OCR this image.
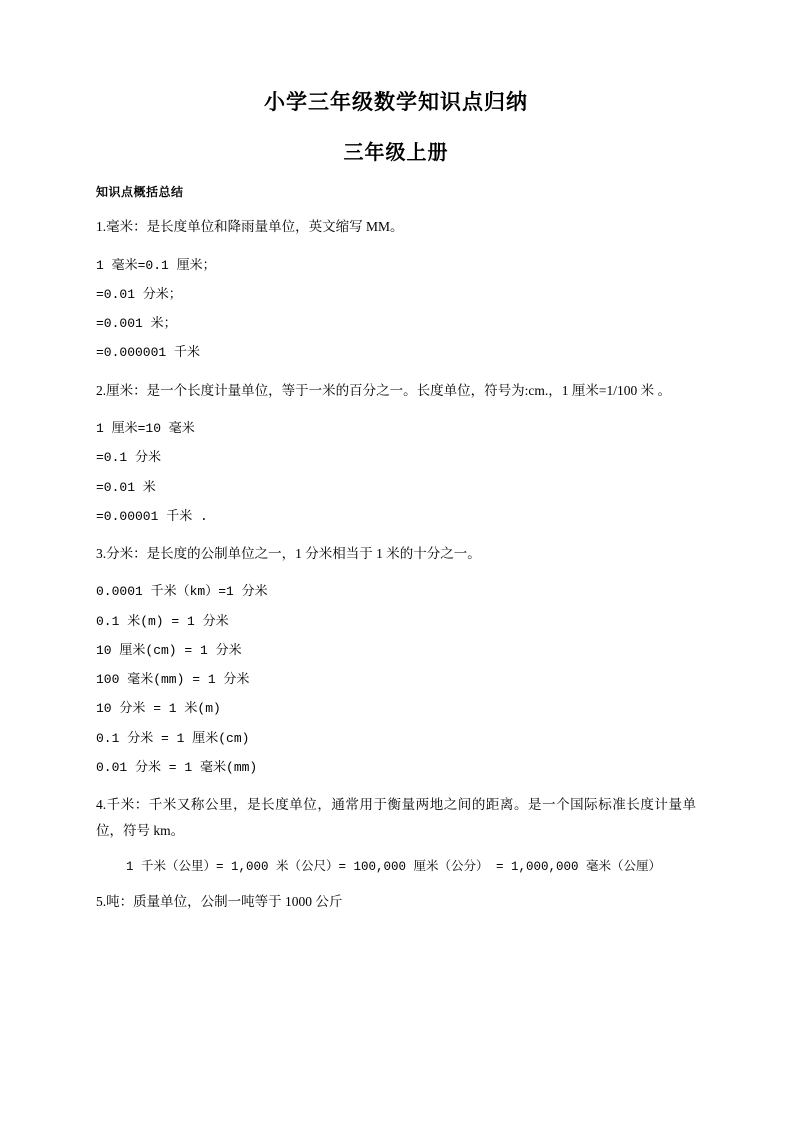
小学三年级数学知识点归纳
三年级上册
知识点概括总结

1.毫米：是长度单位和降雨量单位，英文缩写 MM。

1 毫米=0.1 厘米；
=0.01 分米；
=0.001 米；
=0.000001 千米

2.厘米：是一个长度计量单位，等于一米的百分之一。长度单位，符号为:cm.，1 厘米=1/100 米 。

1 厘米=10 毫米
=0.1 分米
=0.01 米
=0.00001 千米 .

3.分米：是长度的公制单位之一，1 分米相当于 1 米的十分之一。

0.0001 千米（km）=1 分米
0.1 米(m) = 1 分米
10 厘米(cm) = 1 分米
100 毫米(mm) = 1 分米
10 分米 = 1 米(m)
0.1 分米 = 1 厘米(cm)
0.01 分米 = 1 毫米(mm)

4.千米：千米又称公里，是长度单位，通常用于衡量两地之间的距离。是一个国际标准长度计量单位，符号 km。

1 千米（公里）= 1,000 米（公尺）= 100,000 厘米（公分） = 1,000,000 毫米（公厘）

5.吨：质量单位，公制一吨等于 1000 公斤
